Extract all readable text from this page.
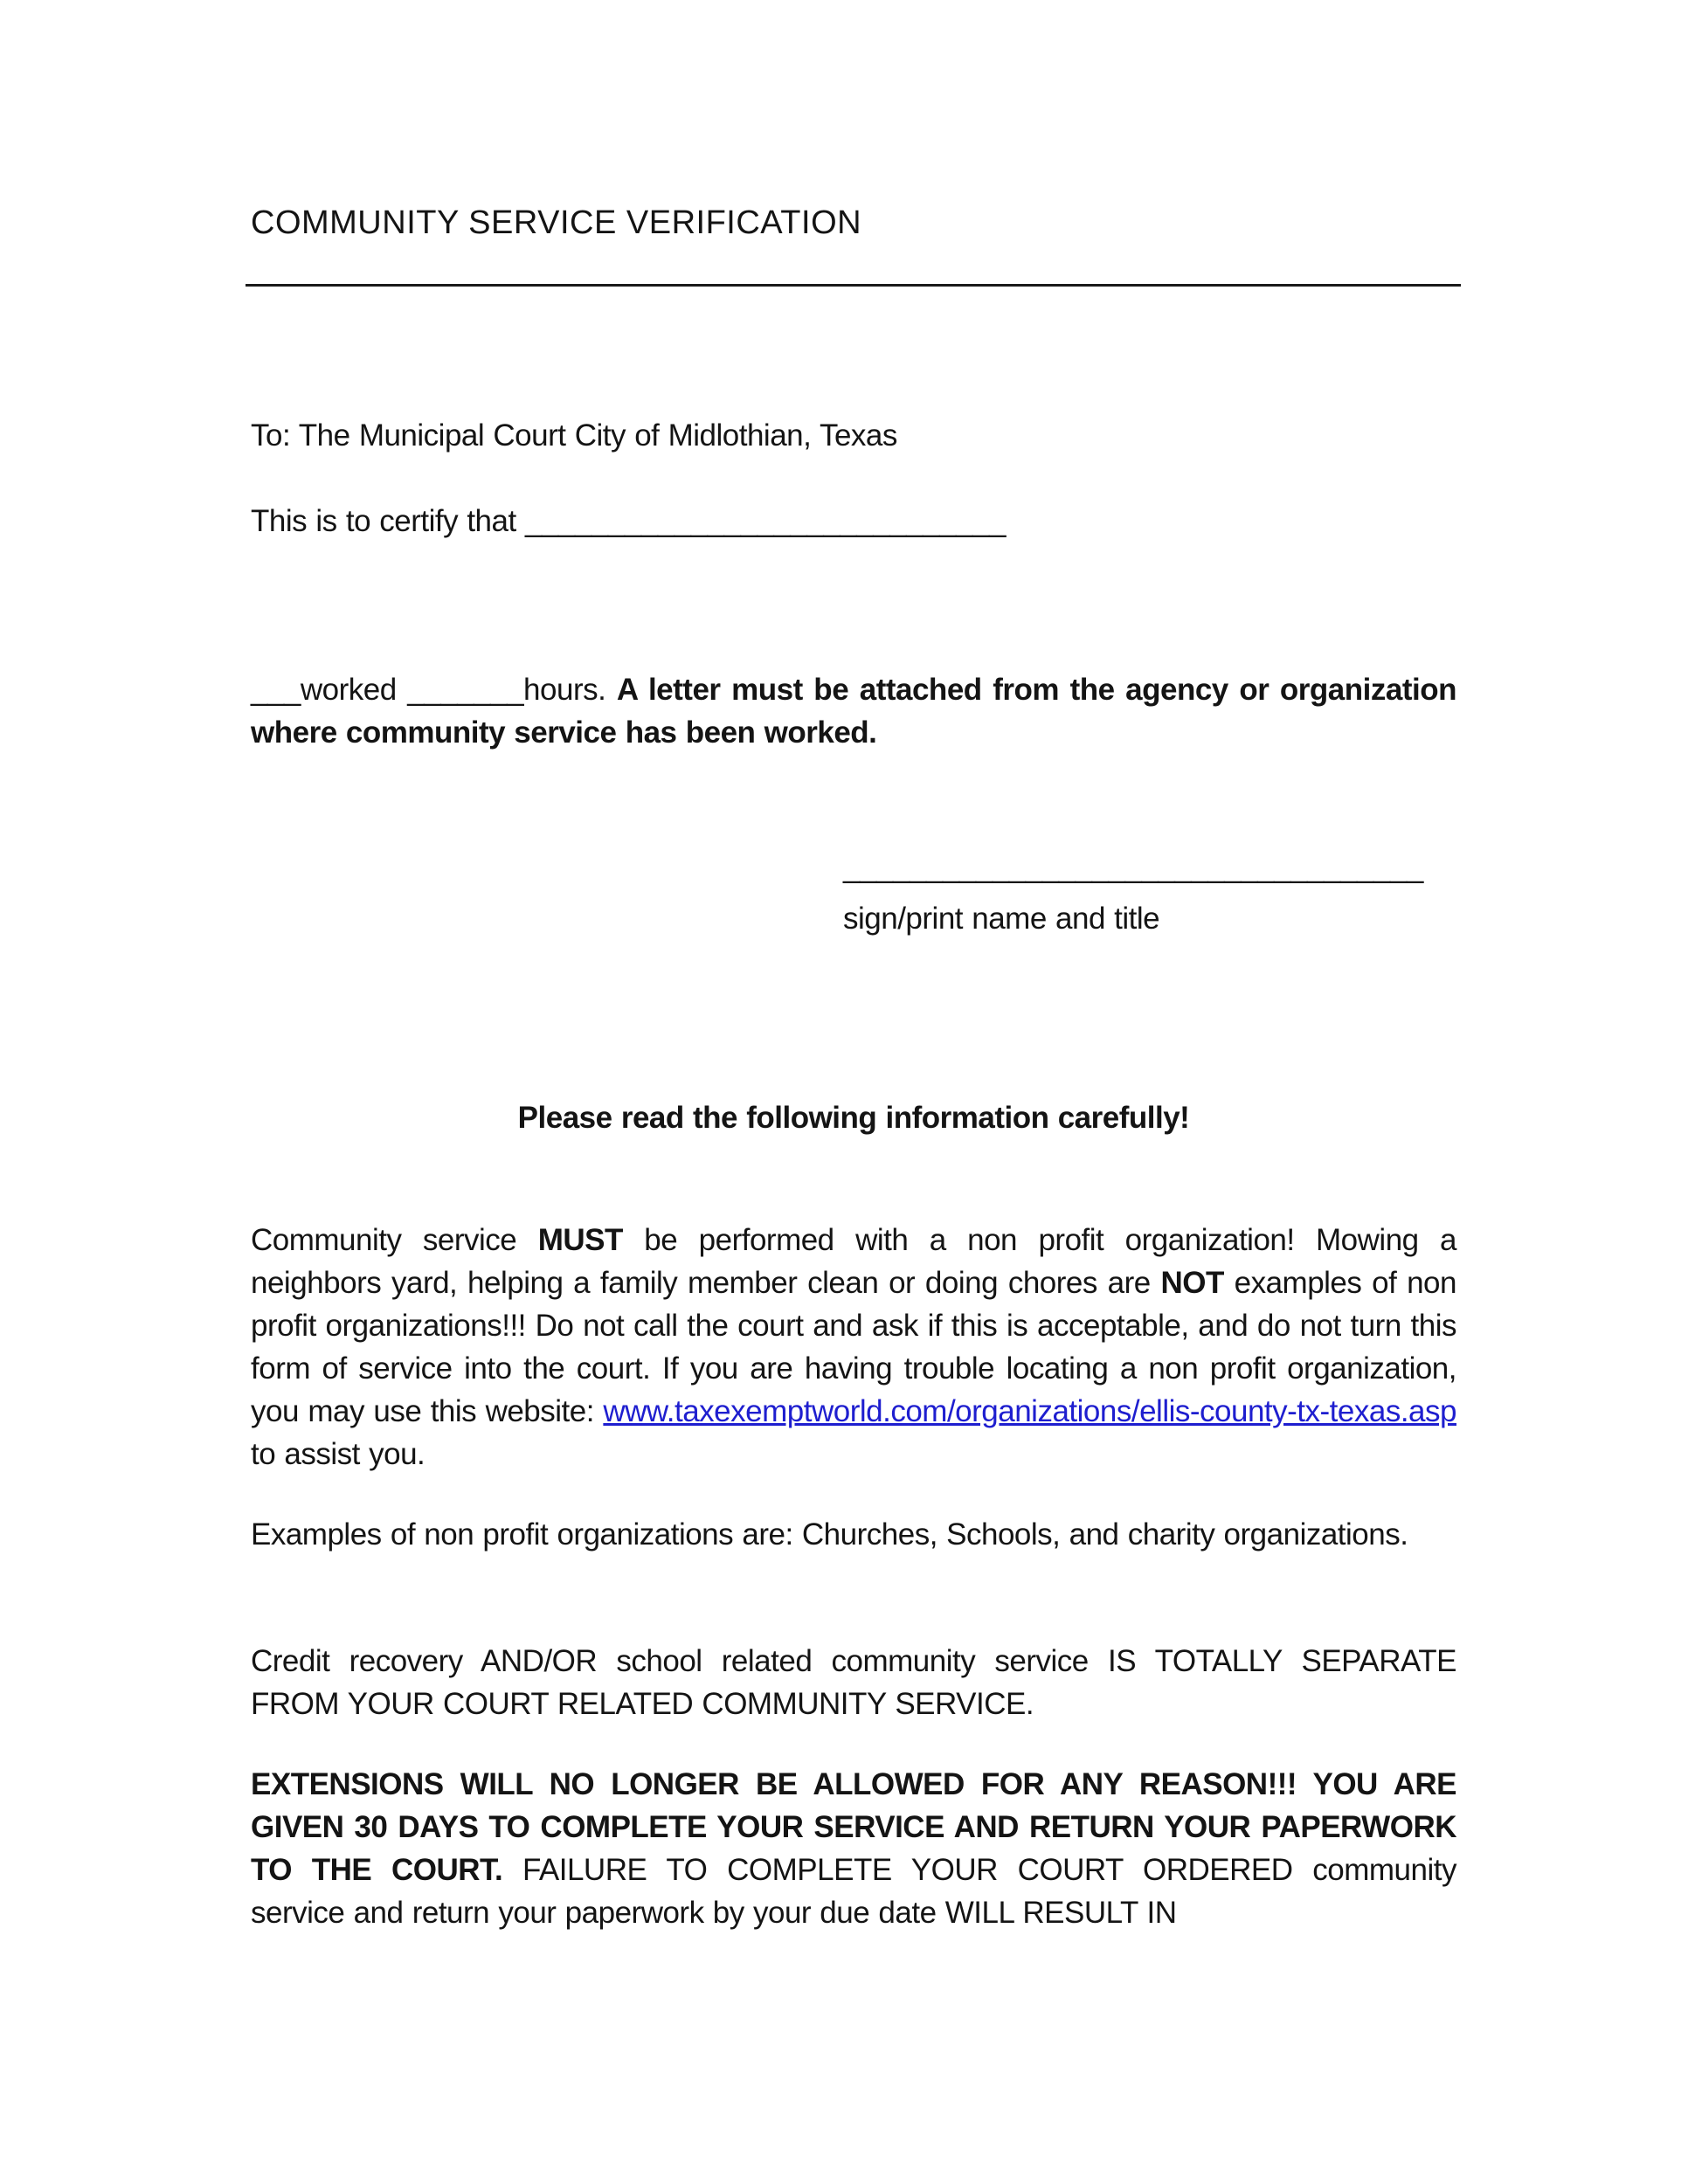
COMMUNITY SERVICE VERIFICATION
To: The Municipal Court City of Midlothian, Texas
This is to certify that _____________________________
___worked _______hours. A letter must be attached from the agency or organization where community service has been worked.
___________________________________
sign/print name and title
Please read the following information carefully!
Community service MUST be performed with a non profit organization! Mowing a neighbors yard, helping a family member clean or doing chores are NOT examples of non profit organizations!!! Do not call the court and ask if this is acceptable, and do not turn this form of service into the court. If you are having trouble locating a non profit organization, you may use this website: www.taxexemptworld.com/organizations/ellis-county-tx-texas.asp to assist you.
Examples of non profit organizations are: Churches, Schools, and charity organizations.
Credit recovery AND/OR school related community service IS TOTALLY SEPARATE FROM YOUR COURT RELATED COMMUNITY SERVICE.
EXTENSIONS WILL NO LONGER BE ALLOWED FOR ANY REASON!!! YOU ARE GIVEN 30 DAYS TO COMPLETE YOUR SERVICE AND RETURN YOUR PAPERWORK TO THE COURT. FAILURE TO COMPLETE YOUR COURT ORDERED community service and return your paperwork by your due date WILL RESULT IN
